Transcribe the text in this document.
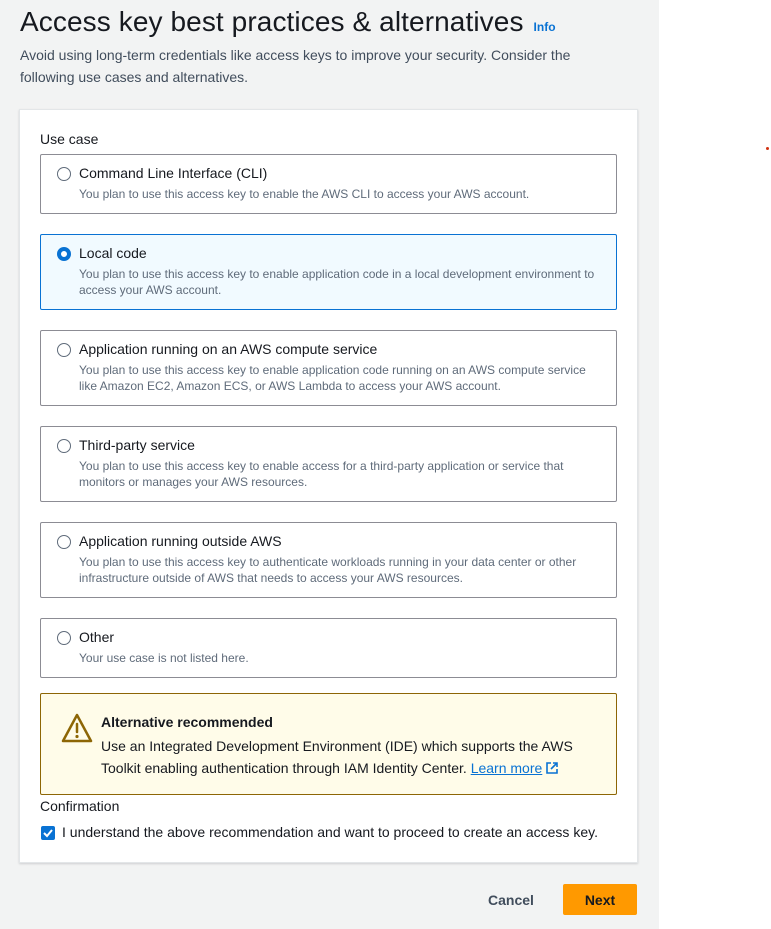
Access key best practices & alternatives Info

Avoid using long-term credentials like access keys to improve your security. Consider the following use cases and alternatives.

Use case
Command Line Interface (CLI)
You plan to use this access key to enable the AWS CLI to access your AWS account.
Local code
You plan to use this access key to enable application code in a local development environment to access your AWS account.
Application running on an AWS compute service
You plan to use this access key to enable application code running on an AWS compute service like Amazon EC2, Amazon ECS, or AWS Lambda to access your AWS account.
Third-party service
You plan to use this access key to enable access for a third-party application or service that monitors or manages your AWS resources.
Application running outside AWS
You plan to use this access key to authenticate workloads running in your data center or other infrastructure outside of AWS that needs to access your AWS resources.
Other
Your use case is not listed here.
Alternative recommended
Use an Integrated Development Environment (IDE) which supports the AWS Toolkit enabling authentication through IAM Identity Center. Learn more
Confirmation
I understand the above recommendation and want to proceed to create an access key.
Cancel	Next
